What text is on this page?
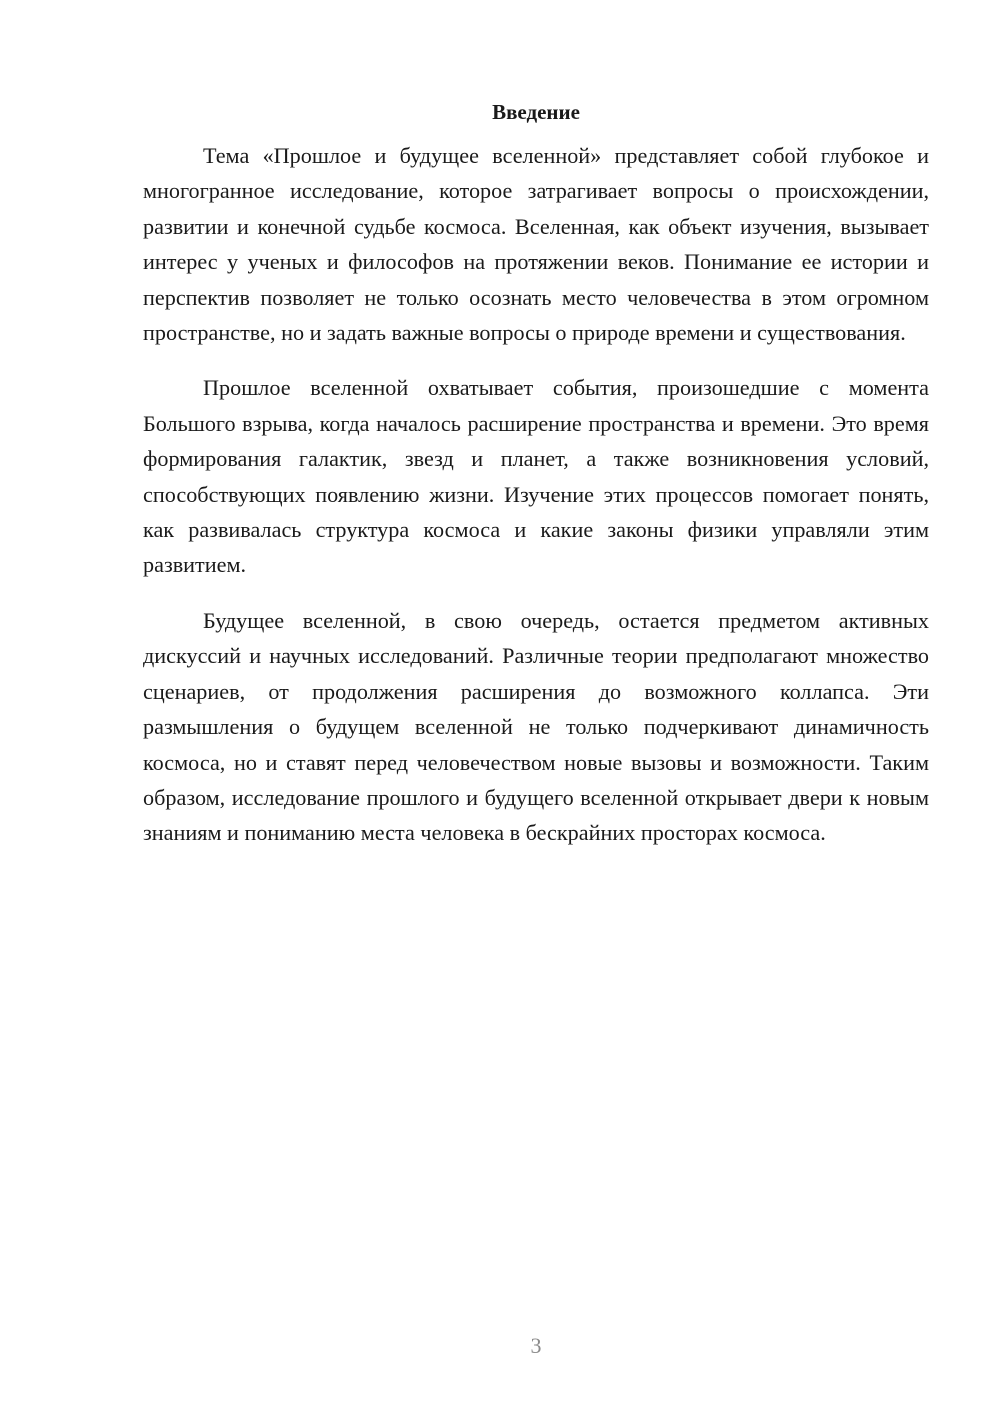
Введение

Тема «Прошлое и будущее вселенной» представляет собой глубокое и многогранное исследование, которое затрагивает вопросы о происхождении, развитии и конечной судьбе космоса. Вселенная, как объект изучения, вызывает интерес у ученых и философов на протяжении веков. Понимание ее истории и перспектив позволяет не только осознать место человечества в этом огромном пространстве, но и задать важные вопросы о природе времени и существования.

Прошлое вселенной охватывает события, произошедшие с момента Большого взрыва, когда началось расширение пространства и времени. Это время формирования галактик, звезд и планет, а также возникновения условий, способствующих появлению жизни. Изучение этих процессов помогает понять, как развивалась структура космоса и какие законы физики управляли этим развитием.

Будущее вселенной, в свою очередь, остается предметом активных дискуссий и научных исследований. Различные теории предполагают множество сценариев, от продолжения расширения до возможного коллапса. Эти размышления о будущем вселенной не только подчеркивают динамичность космоса, но и ставят перед человечеством новые вызовы и возможности. Таким образом, исследование прошлого и будущего вселенной открывает двери к новым знаниям и пониманию места человека в бескрайних просторах космоса.

3
